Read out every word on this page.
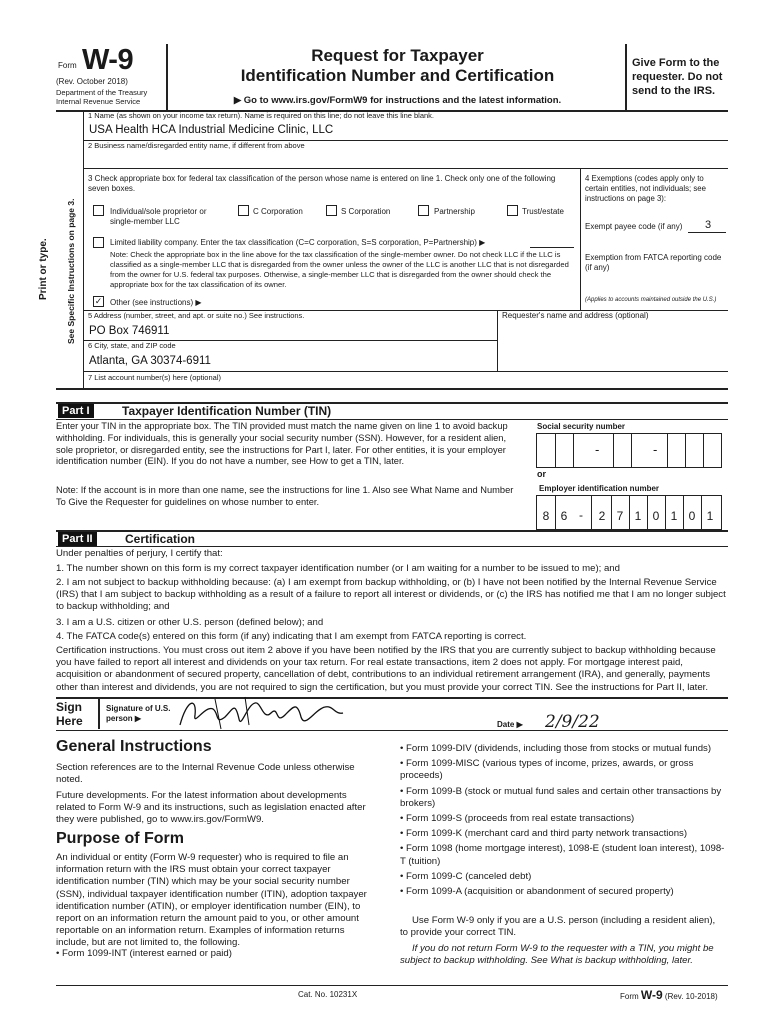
Form W-9
(Rev. October 2018)
Department of the Treasury
Internal Revenue Service
Request for Taxpayer
Identification Number and Certification
▶ Go to www.irs.gov/FormW9 for instructions and the latest information.
Give Form to the requester. Do not send to the IRS.
Print or type. See Specific Instructions on page 3.
1 Name (as shown on your income tax return). Name is required on this line; do not leave this line blank.
USA Health HCA Industrial Medicine Clinic, LLC
2 Business name/disregarded entity name, if different from above
3 Check appropriate box for federal tax classification of the person whose name is entered on line 1. Check only one of the following seven boxes.
Individual/sole proprietor or single-member LLC
C Corporation	S Corporation	Partnership	Trust/estate
Limited liability company. Enter the tax classification (C=C corporation, S=S corporation, P=Partnership) ▶
Note: Check the appropriate box in the line above for the tax classification of the single-member owner. Do not check LLC if the LLC is classified as a single-member LLC that is disregarded from the owner unless the owner of the LLC is another LLC that is not disregarded from the owner for U.S. federal tax purposes. Otherwise, a single-member LLC that is disregarded from the owner should check the appropriate box for the tax classification of its owner.
✓ Other (see instructions) ▶
4 Exemptions (codes apply only to certain entities, not individuals; see instructions on page 3):
Exempt payee code (if any) 3
Exemption from FATCA reporting code (if any)
(Applies to accounts maintained outside the U.S.)
5 Address (number, street, and apt. or suite no.) See instructions.
PO Box 746911
Requester's name and address (optional)
6 City, state, and ZIP code
Atlanta, GA 30374-6911
7 List account number(s) here (optional)
Part I	Taxpayer Identification Number (TIN)
Enter your TIN in the appropriate box. The TIN provided must match the name given on line 1 to avoid backup withholding. For individuals, this is generally your social security number (SSN). However, for a resident alien, sole proprietor, or disregarded entity, see the instructions for Part I, later. For other entities, it is your employer identification number (EIN). If you do not have a number, see How to get a TIN, later.
Note: If the account is in more than one name, see the instructions for line 1. Also see What Name and Number To Give the Requester for guidelines on whose number to enter.
Social security number
-	-
or
Employer identification number
8 6 -	2 7 1 0 1 0 1
Part II	Certification
Under penalties of perjury, I certify that:
1. The number shown on this form is my correct taxpayer identification number (or I am waiting for a number to be issued to me); and
2. I am not subject to backup withholding because: (a) I am exempt from backup withholding, or (b) I have not been notified by the Internal Revenue Service (IRS) that I am subject to backup withholding as a result of a failure to report all interest or dividends, or (c) the IRS has notified me that I am no longer subject to backup withholding; and
3. I am a U.S. citizen or other U.S. person (defined below); and
4. The FATCA code(s) entered on this form (if any) indicating that I am exempt from FATCA reporting is correct.
Certification instructions. You must cross out item 2 above if you have been notified by the IRS that you are currently subject to backup withholding because you have failed to report all interest and dividends on your tax return. For real estate transactions, item 2 does not apply. For mortgage interest paid, acquisition or abandonment of secured property, cancellation of debt, contributions to an individual retirement arrangement (IRA), and generally, payments other than interest and dividends, you are not required to sign the certification, but you must provide your correct TIN. See the instructions for Part II, later.
Sign Here
Signature of U.S. person ▶
Date ▶ 2/9/22
General Instructions
Section references are to the Internal Revenue Code unless otherwise noted.
Future developments. For the latest information about developments related to Form W-9 and its instructions, such as legislation enacted after they were published, go to www.irs.gov/FormW9.
Purpose of Form
An individual or entity (Form W-9 requester) who is required to file an information return with the IRS must obtain your correct taxpayer identification number (TIN) which may be your social security number (SSN), individual taxpayer identification number (ITIN), adoption taxpayer identification number (ATIN), or employer identification number (EIN), to report on an information return the amount paid to you, or other amount reportable on an information return. Examples of information returns include, but are not limited to, the following.
• Form 1099-INT (interest earned or paid)
• Form 1099-DIV (dividends, including those from stocks or mutual funds)
• Form 1099-MISC (various types of income, prizes, awards, or gross proceeds)
• Form 1099-B (stock or mutual fund sales and certain other transactions by brokers)
• Form 1099-S (proceeds from real estate transactions)
• Form 1099-K (merchant card and third party network transactions)
• Form 1098 (home mortgage interest), 1098-E (student loan interest), 1098-T (tuition)
• Form 1099-C (canceled debt)
• Form 1099-A (acquisition or abandonment of secured property)
Use Form W-9 only if you are a U.S. person (including a resident alien), to provide your correct TIN.
If you do not return Form W-9 to the requester with a TIN, you might be subject to backup withholding. See What is backup withholding, later.
Cat. No. 10231X	Form W-9 (Rev. 10-2018)
